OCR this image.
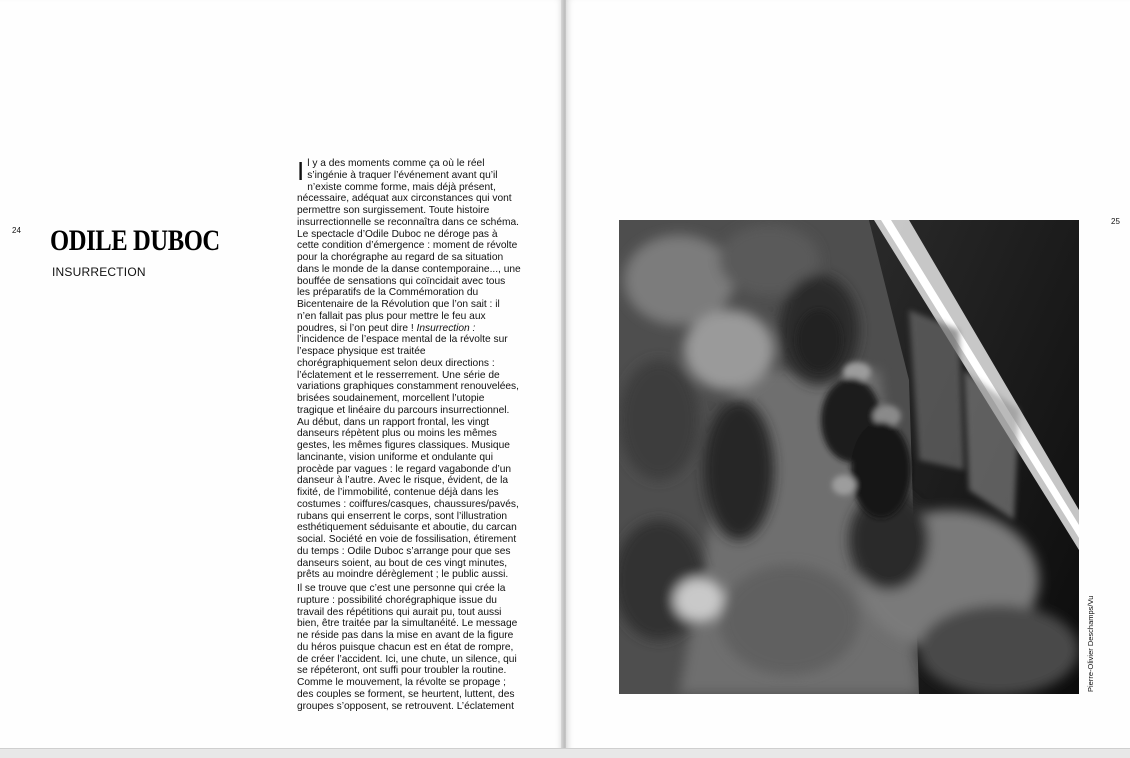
24 ODILE DUBOC
INSURRECTION

Il y a des moments comme ça où le réel s’ingénie à traquer l’événement avant qu’il n’existe comme forme, mais déjà présent, nécessaire, adéquat aux circonstances qui vont permettre son surgissement. Toute histoire insurrectionnelle se reconnaîtra dans ce schéma. Le spectacle d’Odile Duboc ne déroge pas à cette condition d’émergence : moment de révolte pour la chorégraphe au regard de sa situation dans le monde de la danse contemporaine..., une bouffée de sensations qui coïncidait avec tous les préparatifs de la Commémoration du Bicentenaire de la Révolution que l’on sait : il n’en fallait pas plus pour mettre le feu aux poudres, si l’on peut dire ! Insurrection : l’incidence de l’espace mental de la révolte sur l’espace physique est traitée chorégraphiquement selon deux directions : l’éclatement et le resserrement. Une série de variations graphiques constamment renouvelées, brisées soudainement, morcellent l’utopie tragique et linéaire du parcours insurrectionnel. Au début, dans un rapport frontal, les vingt danseurs répètent plus ou moins les mêmes gestes, les mêmes figures classiques. Musique lancinante, vision uniforme et ondulante qui procède par vagues : le regard vagabonde d’un danseur à l’autre. Avec le risque, évident, de la fixité, de l’immobilité, contenue déjà dans les costumes : coiffures/casques, chaussures/pavés, rubans qui enserrent le corps, sont l’illustration esthétiquement séduisante et aboutie, du carcan social. Société en voie de fossilisation, étirement du temps : Odile Duboc s’arrange pour que ses danseurs soient, au bout de ces vingt minutes, prêts au moindre dérèglement ; le public aussi.

Il se trouve que c’est une personne qui crée la rupture : possibilité chorégraphique issue du travail des répétitions qui aurait pu, tout aussi bien, être traitée par la simultanéité. Le message ne réside pas dans la mise en avant de la figure du héros puisque chacun est en état de rompre, de créer l’accident. Ici, une chute, un silence, qui se répéteront, ont suffi pour troubler la routine. Comme le mouvement, la révolte se propage ; des couples se forment, se heurtent, luttent, des groupes s’opposent, se retrouvent. L’éclatement

25
Pierre-Olivier Deschamps/Vu
